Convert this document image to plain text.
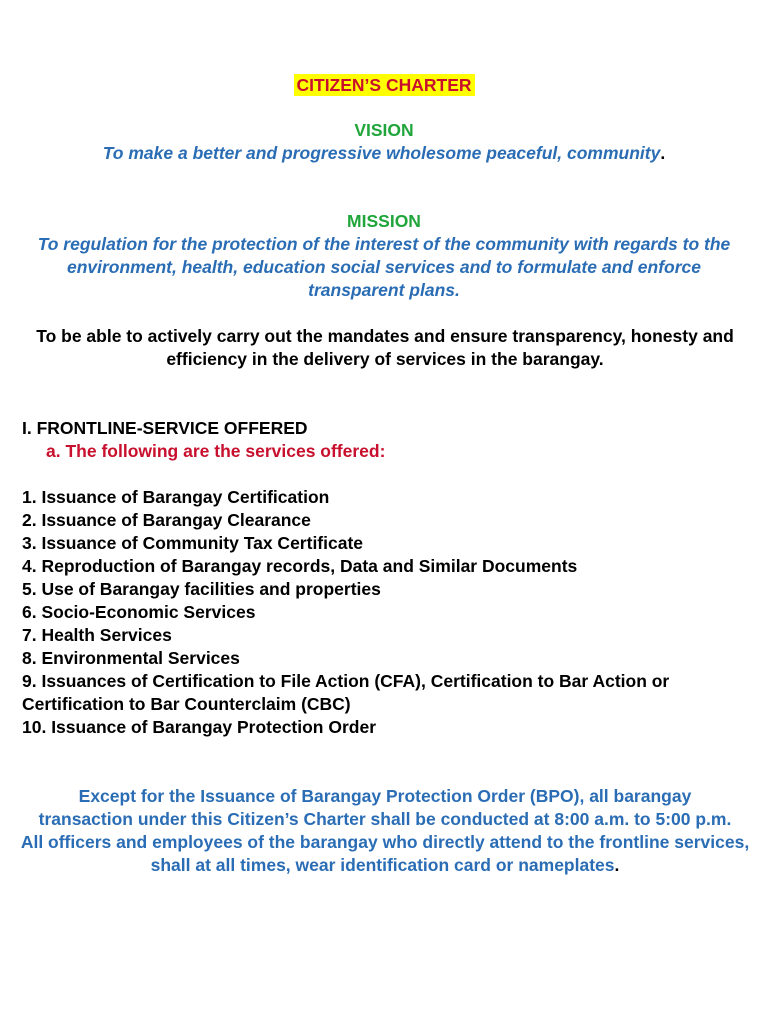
CITIZEN’S CHARTER
VISION
To make a better and progressive wholesome peaceful, community.
MISSION
To regulation for the protection of the interest of the community with regards to the environment, health, education social services and to formulate and enforce transparent plans.
To be able to actively carry out the mandates and ensure transparency, honesty and efficiency in the delivery of services in the barangay.
I. FRONTLINE-SERVICE OFFERED
a. The following are the services offered:
1. Issuance of Barangay Certification
2. Issuance of Barangay Clearance
3. Issuance of Community Tax Certificate
4. Reproduction of Barangay records, Data and Similar Documents
5. Use of Barangay facilities and properties
6. Socio-Economic Services
7. Health Services
8. Environmental Services
9. Issuances of Certification to File Action (CFA), Certification to Bar Action or Certification to Bar Counterclaim (CBC)
10. Issuance of Barangay Protection Order
Except for the Issuance of Barangay Protection Order (BPO), all barangay transaction under this Citizen’s Charter shall be conducted at 8:00 a.m. to 5:00 p.m.
All officers and employees of the barangay who directly attend to the frontline services, shall at all times, wear identification card or nameplates.
